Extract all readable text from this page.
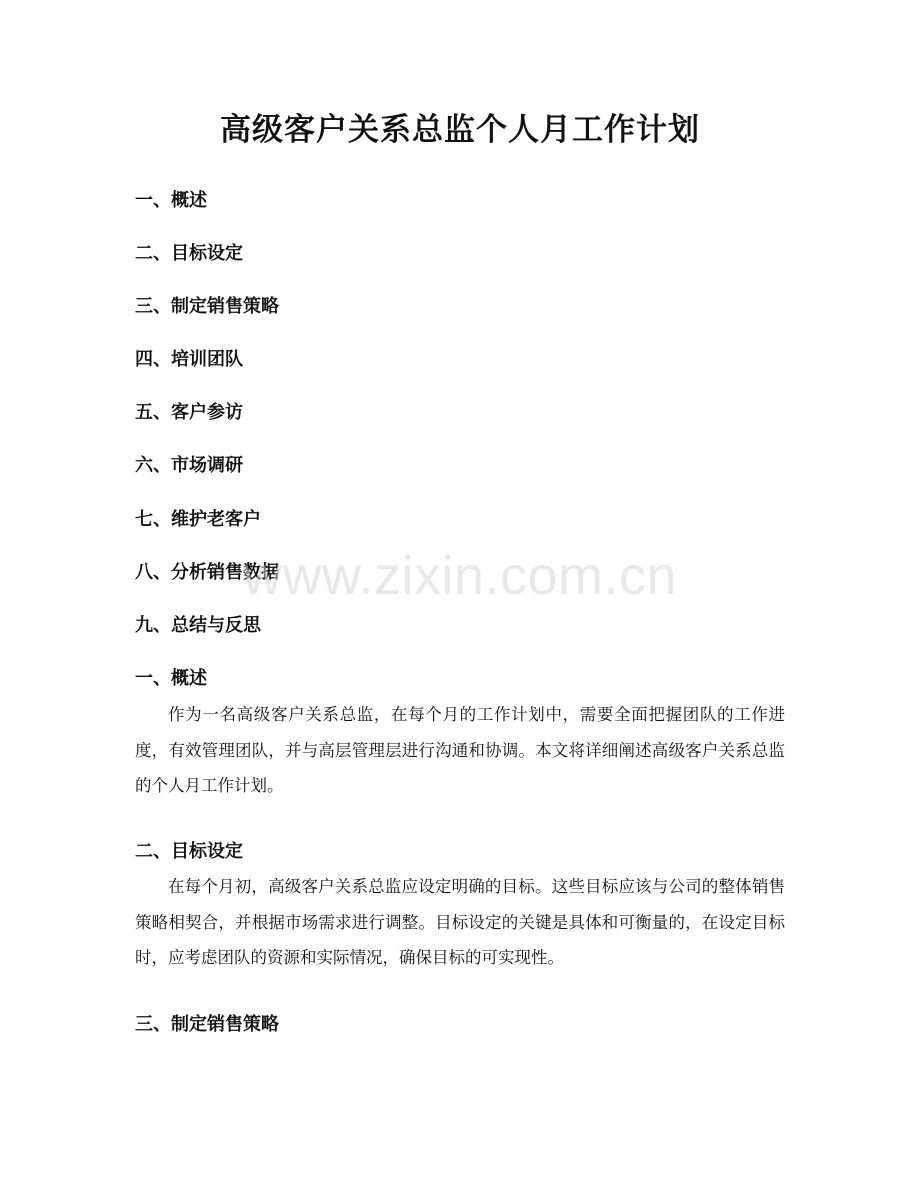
高级客户关系总监个人月工作计划
一、概述
二、目标设定
三、制定销售策略
四、培训团队
五、客户参访
六、市场调研
七、维护老客户
八、分析销售数据
九、总结与反思
一、概述

作为一名高级客户关系总监，在每个月的工作计划中，需要全面把握团队的工作进度，有效管理团队，并与高层管理层进行沟通和协调。本文将详细阐述高级客户关系总监的个人月工作计划。

二、目标设定

在每个月初，高级客户关系总监应设定明确的目标。这些目标应该与公司的整体销售策略相契合，并根据市场需求进行调整。目标设定的关键是具体和可衡量的，在设定目标时，应考虑团队的资源和实际情况，确保目标的可实现性。

三、制定销售策略
www.zixin.com.cn
